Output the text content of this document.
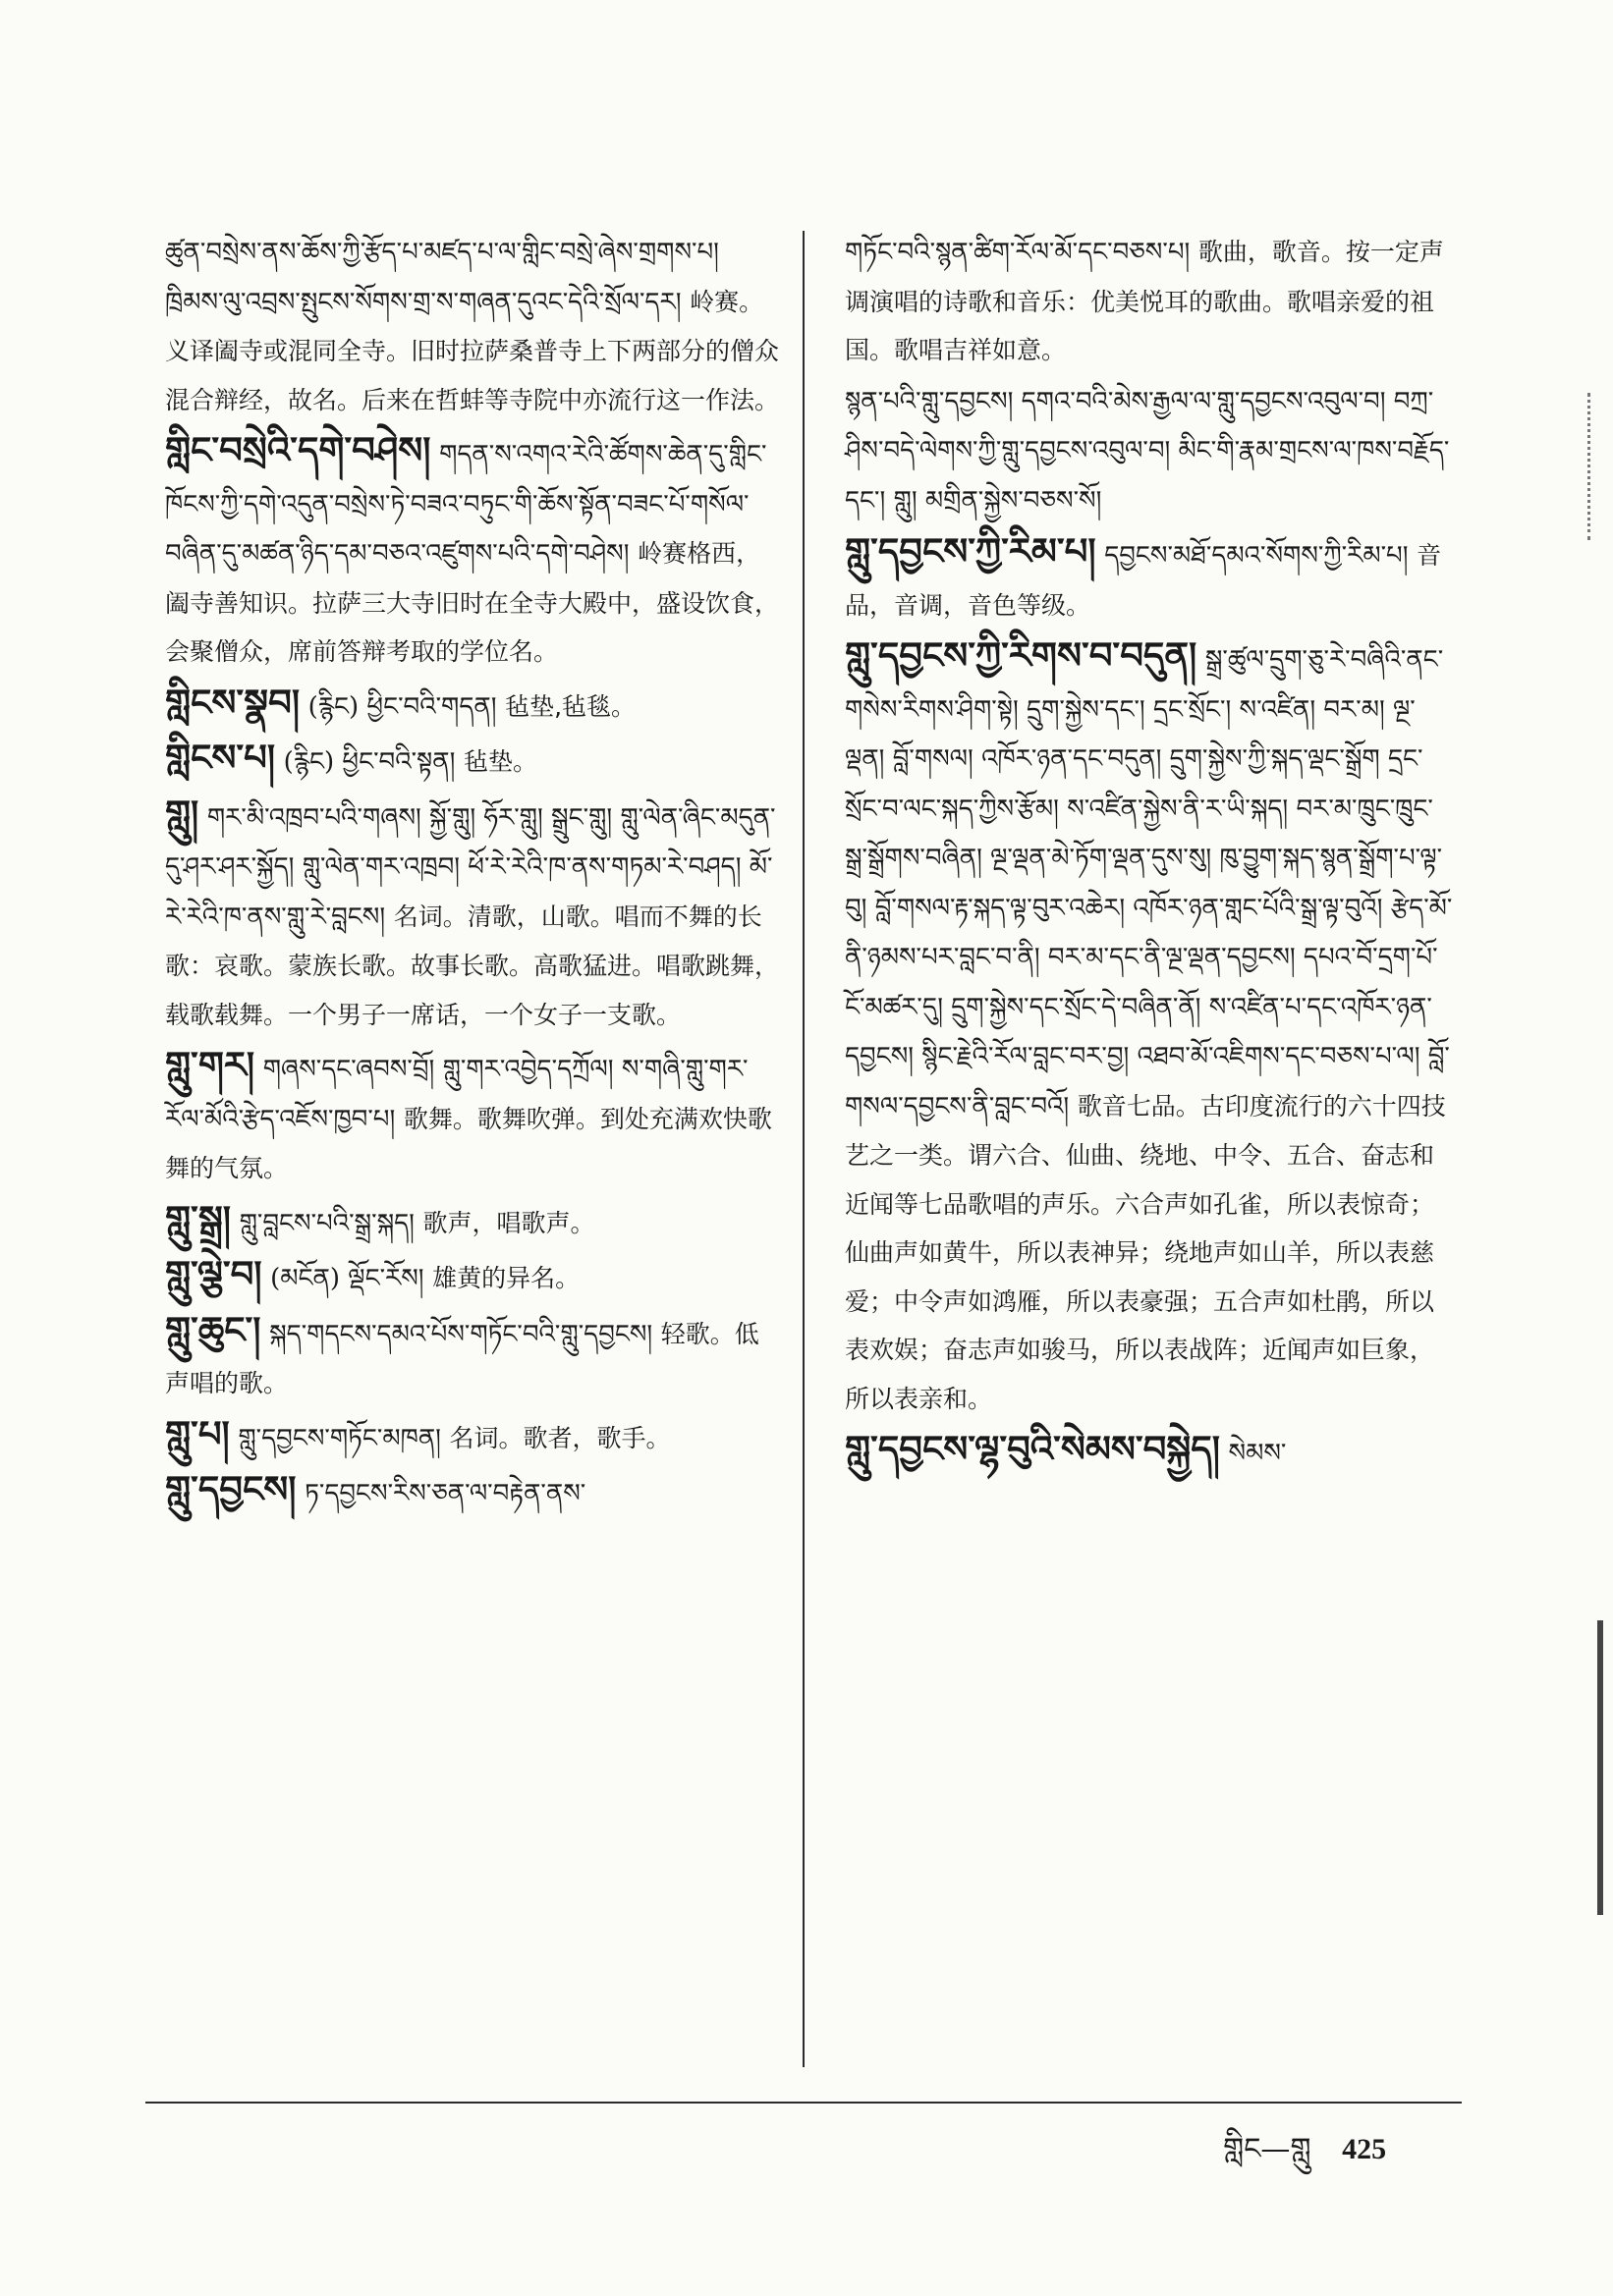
ཚུན་བསྲེས་ནས་ཆོས་ཀྱི་རྩོད་པ་མཛད་པ་ལ་གླིང་བསྲེ་ཞེས་གྲགས་པ། ཁྲིམས་ལུ་འབྲས་སྤུངས་སོགས་གྲ་ས་གཞན་དུའང་དེའི་སྲོལ་དར། 岭赛。义译阖寺或混同全寺。旧时拉萨桑普寺上下两部分的僧众混合辩经，故名。后来在哲蚌等寺院中亦流行这一作法。
གླིང་བསྲེའི་དགེ་བཤེས། གདན་ས་འགའ་རེའི་ཚོགས་ཆེན་དུ་གླིང་ཁོངས་ཀྱི་དགེ་འདུན་བསྲེས་ཏེ་བཟའ་བཏུང་གི་ཆོས་སྟོན་བཟང་པོ་གསོལ་བཞིན་དུ་མཚན་ཉིད་དམ་བཅའ་འཛུགས་པའི་དགེ་བཤེས། 岭赛格西，阖寺善知识。拉萨三大寺旧时在全寺大殿中，盛设饮食，会聚僧众，席前答辩考取的学位名。
གླིངས་སྣབ། (རྙིང) ཕྱིང་བའི་གདན། 毡垫,毡毯。
གླིངས་པ། (རྙིང) ཕྱིང་བའི་སྟན། 毡垫。
གླུ། གར་མི་འཁྲབ་པའི་གཞས། སྐྱོ་གླུ། ཧོར་གླུ། སྒྲུང་གླུ། གླུ་ལེན་ཞིང་མདུན་དུ་ཤར་ཤར་སྐྱོད། གླུ་ལེན་གར་འཁྲབ། ཕོ་རེ་རེའི་ཁ་ནས་གཏམ་རེ་བཤད། མོ་རེ་རེའི་ཁ་ནས་གླུ་རེ་བླངས། 名词。清歌，山歌。唱而不舞的长歌：哀歌。蒙族长歌。故事长歌。高歌猛进。唱歌跳舞，载歌载舞。一个男子一席话，一个女子一支歌。
གླུ་གར། གཞས་དང་ཞབས་བྲོ། གླུ་གར་འབྱེད་དཀྲོལ། ས་གཞི་གླུ་གར་རོལ་མོའི་རྩེད་འཇོས་ཁྱབ་པ། 歌舞。歌舞吹弹。到处充满欢快歌舞的气氛。
གླུ་སྒྲ། གླུ་བླངས་པའི་སྒྲ་སྐད། 歌声，唱歌声。
གླུ་ལྕེ་བ། (མངོན) ལྡོང་རོས། 雄黄的异名。
གླུ་ཆུང་། སྐད་གདངས་དམའ་པོས་གཏོང་བའི་གླུ་དབྱངས། 轻歌。低声唱的歌。
གླུ་པ། གླུ་དབྱངས་གཏོང་མཁན། 名词。歌者，歌手。
གླུ་དབྱངས། ཏ་དབྱངས་རིས་ཅན་ལ་བརྟེན་ནས་
གཏོང་བའི་སྙན་ཚིག་རོལ་མོ་དང་བཅས་པ། 歌曲，歌音。按一定声调演唱的诗歌和音乐：优美悦耳的歌曲。歌唱亲爱的祖国。歌唱吉祥如意。
སྙན་པའི་གླུ་དབྱངས། དགའ་བའི་མེས་རྒྱལ་ལ་གླུ་དབྱངས་འབུལ་བ། བཀྲ་ཤིས་བདེ་ལེགས་ཀྱི་གླུ་དབྱངས་འབུལ་བ། མིང་གི་རྣམ་གྲངས་ལ་ཁས་བརྗོད་དང་། གླུ། མགྲིན་སྐྱེས་བཅས་སོ།
གླུ་དབྱངས་ཀྱི་རིམ་པ། དབྱངས་མཐོ་དམའ་སོགས་ཀྱི་རིམ་པ། 音品，音调，音色等级。
གླུ་དབྱངས་ཀྱི་རིགས་བ་བདུན། སྒྲ་ཚུལ་དྲུག་ཅུ་རེ་བཞིའི་ནང་གསེས་རིགས་ཤིག་སྟེ། དྲུག་སྐྱེས་དང་། དྲང་སྲོང་། ས་འཛིན། བར་མ། ལྔ་ལྡན། བློ་གསལ། འཁོར་ཉན་དང་བདུན། དྲུག་སྐྱེས་ཀྱི་སྐད་ལྡང་སྒྲོག དྲང་སྲོང་བ་ལང་སྐད་ཀྱིས་རྩོམ། ས་འཛིན་སྐྱེས་ནི་ར་ཡི་སྐད། བར་མ་ཁྲུང་ཁྲུང་སྒྲ་སྒྲོགས་བཞིན། ལྔ་ལྡན་མེ་ཏོག་ལྡན་དུས་སུ། ཁུ་བྱུག་སྐད་སྙན་སྒྲོག་པ་ལྟ་བུ། བློ་གསལ་རྟ་སྐད་ལྟ་བུར་འཆེར། འཁོར་ཉན་གླང་པོའི་སྒྲ་ལྟ་བུའོ། རྩེད་མོ་ནི་ཉམས་པར་བླང་བ་ནི། བར་མ་དང་ནི་ལྔ་ལྡན་དབྱངས། དཔའ་བོ་དྲག་པོ་ངོ་མཚར་དུ། དྲུག་སྐྱེས་དང་སྲོང་དེ་བཞིན་ནོ། ས་འཛིན་པ་དང་འཁོར་ཉན་དབྱངས། སྙིང་རྗེའི་རོལ་བླང་བར་བྱ། འཐབ་མོ་འཇིགས་དང་བཅས་པ་ལ། བློ་གསལ་དབྱངས་ནི་བླང་བའོ། 歌音七品。古印度流行的六十四技艺之一类。谓六合、仙曲、绕地、中令、五合、奋志和近闻等七品歌唱的声乐。六合声如孔雀，所以表惊奇；仙曲声如黄牛，所以表神异；绕地声如山羊，所以表慈爱；中令声如鸿雁，所以表豪强；五合声如杜鹃，所以表欢娱；奋志声如骏马，所以表战阵；近闻声如巨象，所以表亲和。
གླུ་དབྱངས་ལྷ་བུའི་སེམས་བསྐྱེད། སེམས་
གླིང—གླུ 425
